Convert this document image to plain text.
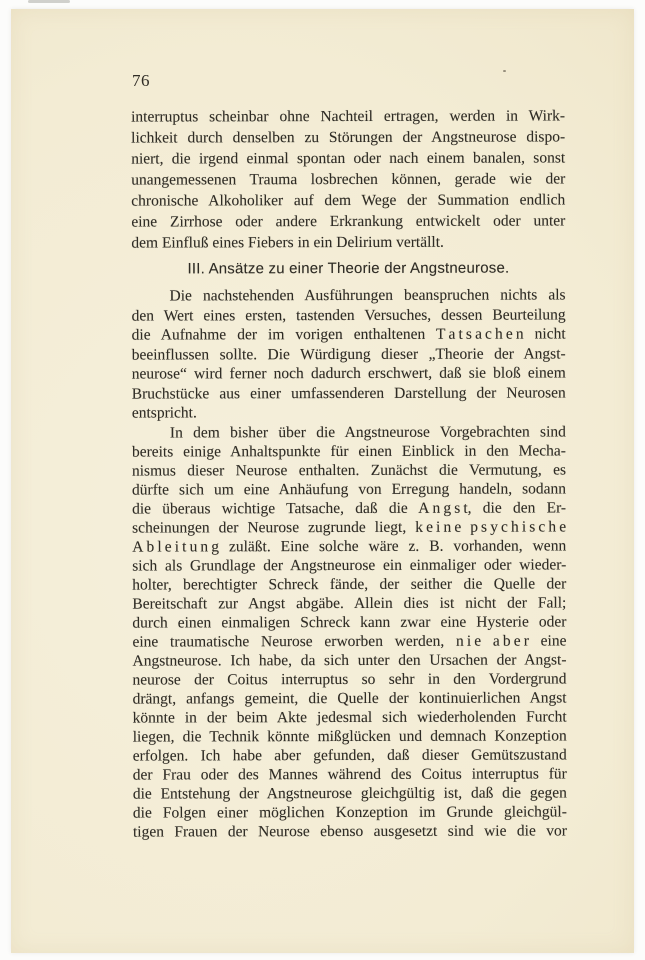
76
interruptus scheinbar ohne Nachteil ertragen, werden in Wirk-
lichkeit durch denselben zu Störungen der Angstneurose dispo-
niert, die irgend einmal spontan oder nach einem banalen, sonst
unangemessenen Trauma losbrechen können, gerade wie der
chronische Alkoholiker auf dem Wege der Summation endlich
eine Zirrhose oder andere Erkrankung entwickelt oder unter
dem Einfluß eines Fiebers in ein Delirium vertällt.
III. Ansätze zu einer Theorie der Angstneurose.
Die nachstehenden Ausführungen beanspruchen nichts als
den Wert eines ersten, tastenden Versuches, dessen Beurteilung
die Aufnahme der im vorigen enthaltenen T a t s a c h e n nicht
beeinflussen sollte. Die Würdigung dieser „Theorie der Angst-
neurose“ wird ferner noch dadurch erschwert, daß sie bloß einem
Bruchstücke aus einer umfassenderen Darstellung der Neurosen
entspricht.
In dem bisher über die Angstneurose Vorgebrachten sind
bereits einige Anhaltspunkte für einen Einblick in den Mecha-
nismus dieser Neurose enthalten. Zunächst die Vermutung, es
dürfte sich um eine Anhäufung von Erregung handeln, sodann
die überaus wichtige Tatsache, daß die A n g s t, die den Er-
scheinungen der Neurose zugrunde liegt, k e i n e p s y c h i s c h e
A b l e i t u n g zuläßt. Eine solche wäre z. B. vorhanden, wenn
sich als Grundlage der Angstneurose ein einmaliger oder wieder-
holter, berechtigter Schreck fände, der seither die Quelle der
Bereitschaft zur Angst abgäbe. Allein dies ist nicht der Fall;
durch einen einmaligen Schreck kann zwar eine Hysterie oder
eine traumatische Neurose erworben werden, n i e a b e r eine
Angstneurose. Ich habe, da sich unter den Ursachen der Angst-
neurose der Coitus interruptus so sehr in den Vordergrund
drängt, anfangs gemeint, die Quelle der kontinuierlichen Angst
könnte in der beim Akte jedesmal sich wiederholenden Furcht
liegen, die Technik könnte mißglücken und demnach Konzeption
erfolgen. Ich habe aber gefunden, daß dieser Gemütszustand
der Frau oder des Mannes während des Coitus interruptus für
die Entstehung der Angstneurose gleichgültig ist, daß die gegen
die Folgen einer möglichen Konzeption im Grunde gleichgül-
tigen Frauen der Neurose ebenso ausgesetzt sind wie die vor
